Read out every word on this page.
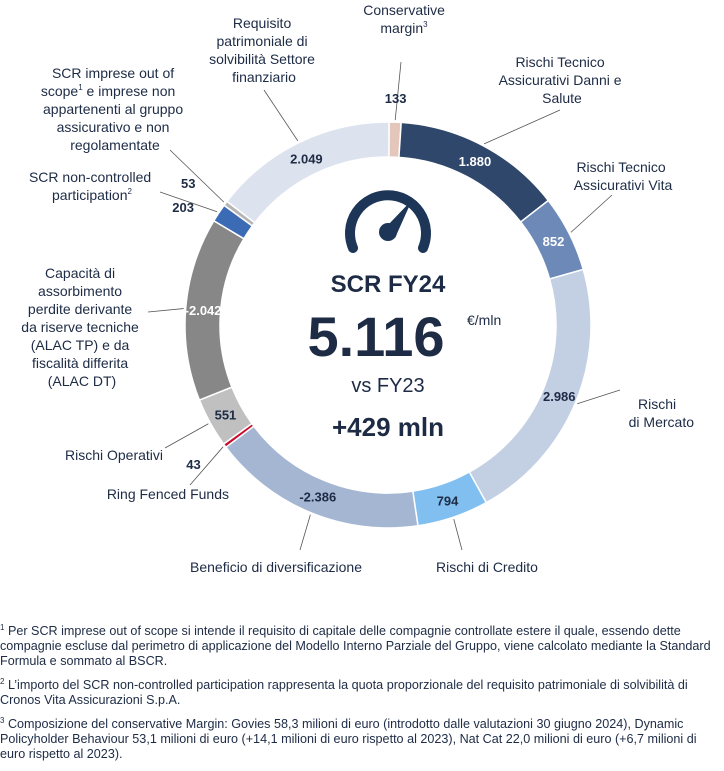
133
1.880
852
2.986
794
-2.386
43
551
-2.042
203
53
2.049
SCR FY24
5.116 €/mln
vs FY23
+429 mln
Conservative margin$^3$
Rischi Tecnico Assicurativi Danni e Salute
Rischi Tecnico Assicurativi Vita
Rischi di Mercato
Rischi di Credito
Beneficio di diversificazione
Ring Fenced Funds
Rischi Operativi
Capacità di assorbimento perdite derivante da riserve tecniche (ALAC TP) e da fiscalità differita (ALAC DT)
SCR non-controlled participation$^2$
SCR imprese out of scope$^1$ e imprese non appartenenti al gruppo assicurativo e non regolamentate
Requisito patrimoniale di solvibilità Settore finanziario

$^1$ Per SCR imprese out of scope si intende il requisito di capitale delle compagnie controllate estere il quale, essendo dette compagnie escluse dal perimetro di applicazione del Modello Interno Parziale del Gruppo, viene calcolato mediante la Standard Formula e sommato al BSCR.

$^2$ L’importo del SCR non-controlled participation rappresenta la quota proporzionale del requisito patrimoniale di solvibilità di Cronos Vita Assicurazioni S.p.A.

$^3$ Composizione del conservative Margin: Govies 58,3 milioni di euro (introdotto dalle valutazioni 30 giugno 2024), Dynamic Policyholder Behaviour 53,1 milioni di euro (+14,1 milioni di euro rispetto al 2023), Nat Cat 22,0 milioni di euro (+6,7 milioni di euro rispetto al 2023).
